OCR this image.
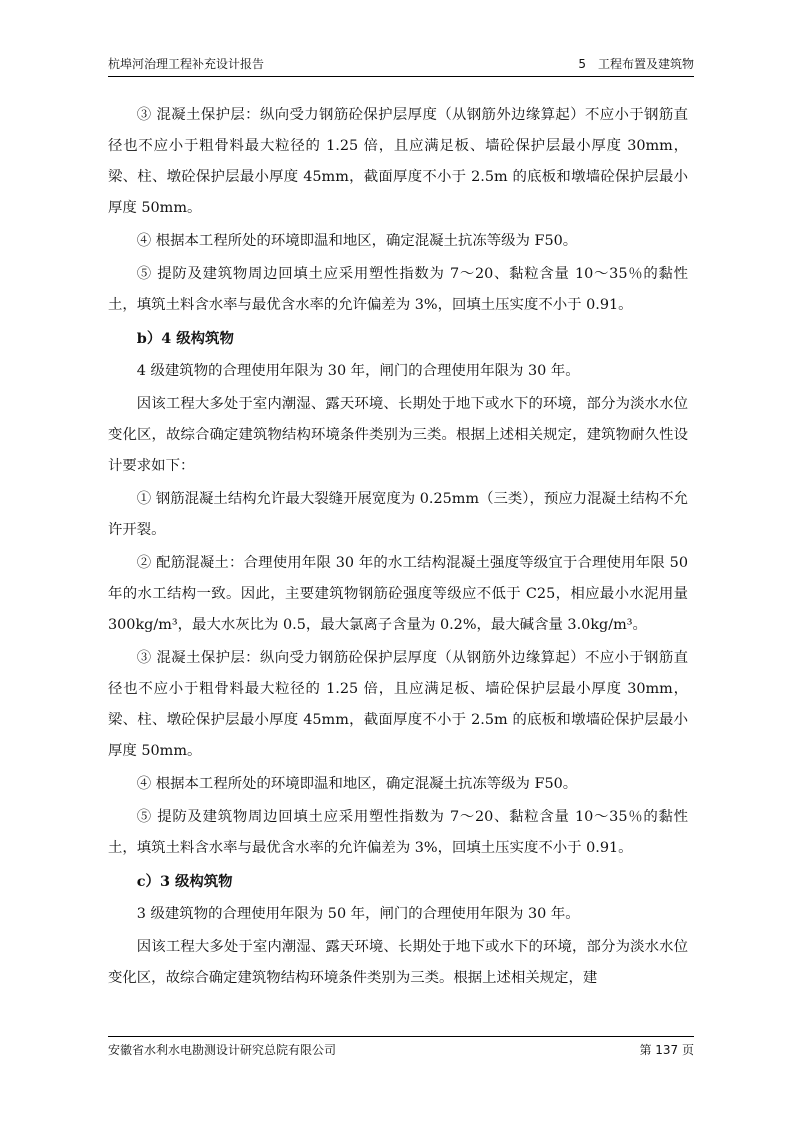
杭埠河治理工程补充设计报告	5　工程布置及建筑物

③ 混凝土保护层：纵向受力钢筋砼保护层厚度（从钢筋外边缘算起）不应小于钢筋直径也不应小于粗骨料最大粒径的 1.25 倍，且应满足板、墙砼保护层最小厚度 30mm，梁、柱、墩砼保护层最小厚度 45mm，截面厚度不小于 2.5m 的底板和墩墙砼保护层最小厚度 50mm。

④ 根据本工程所处的环境即温和地区，确定混凝土抗冻等级为 F50。

⑤ 提防及建筑物周边回填土应采用塑性指数为 7～20、黏粒含量 10～35％的黏性土，填筑土料含水率与最优含水率的允许偏差为 3%，回填土压实度不小于 0.91。

b）4 级构筑物

4 级建筑物的合理使用年限为 30 年，闸门的合理使用年限为 30 年。

因该工程大多处于室内潮湿、露天环境、长期处于地下或水下的环境，部分为淡水水位变化区，故综合确定建筑物结构环境条件类别为三类。根据上述相关规定，建筑物耐久性设计要求如下：

① 钢筋混凝土结构允许最大裂缝开展宽度为 0.25mm（三类），预应力混凝土结构不允许开裂。

② 配筋混凝土：合理使用年限 30 年的水工结构混凝土强度等级宜于合理使用年限 50 年的水工结构一致。因此，主要建筑物钢筋砼强度等级应不低于 C25，相应最小水泥用量 300kg/m³，最大水灰比为 0.5，最大氯离子含量为 0.2%，最大碱含量 3.0kg/m³。

③ 混凝土保护层：纵向受力钢筋砼保护层厚度（从钢筋外边缘算起）不应小于钢筋直径也不应小于粗骨料最大粒径的 1.25 倍，且应满足板、墙砼保护层最小厚度 30mm，梁、柱、墩砼保护层最小厚度 45mm，截面厚度不小于 2.5m 的底板和墩墙砼保护层最小厚度 50mm。

④ 根据本工程所处的环境即温和地区，确定混凝土抗冻等级为 F50。

⑤ 提防及建筑物周边回填土应采用塑性指数为 7～20、黏粒含量 10～35％的黏性土，填筑土料含水率与最优含水率的允许偏差为 3%，回填土压实度不小于 0.91。

c）3 级构筑物

3 级建筑物的合理使用年限为 50 年，闸门的合理使用年限为 30 年。

因该工程大多处于室内潮湿、露天环境、长期处于地下或水下的环境，部分为淡水水位变化区，故综合确定建筑物结构环境条件类别为三类。根据上述相关规定，建

安徽省水利水电勘测设计研究总院有限公司	第 137 页
